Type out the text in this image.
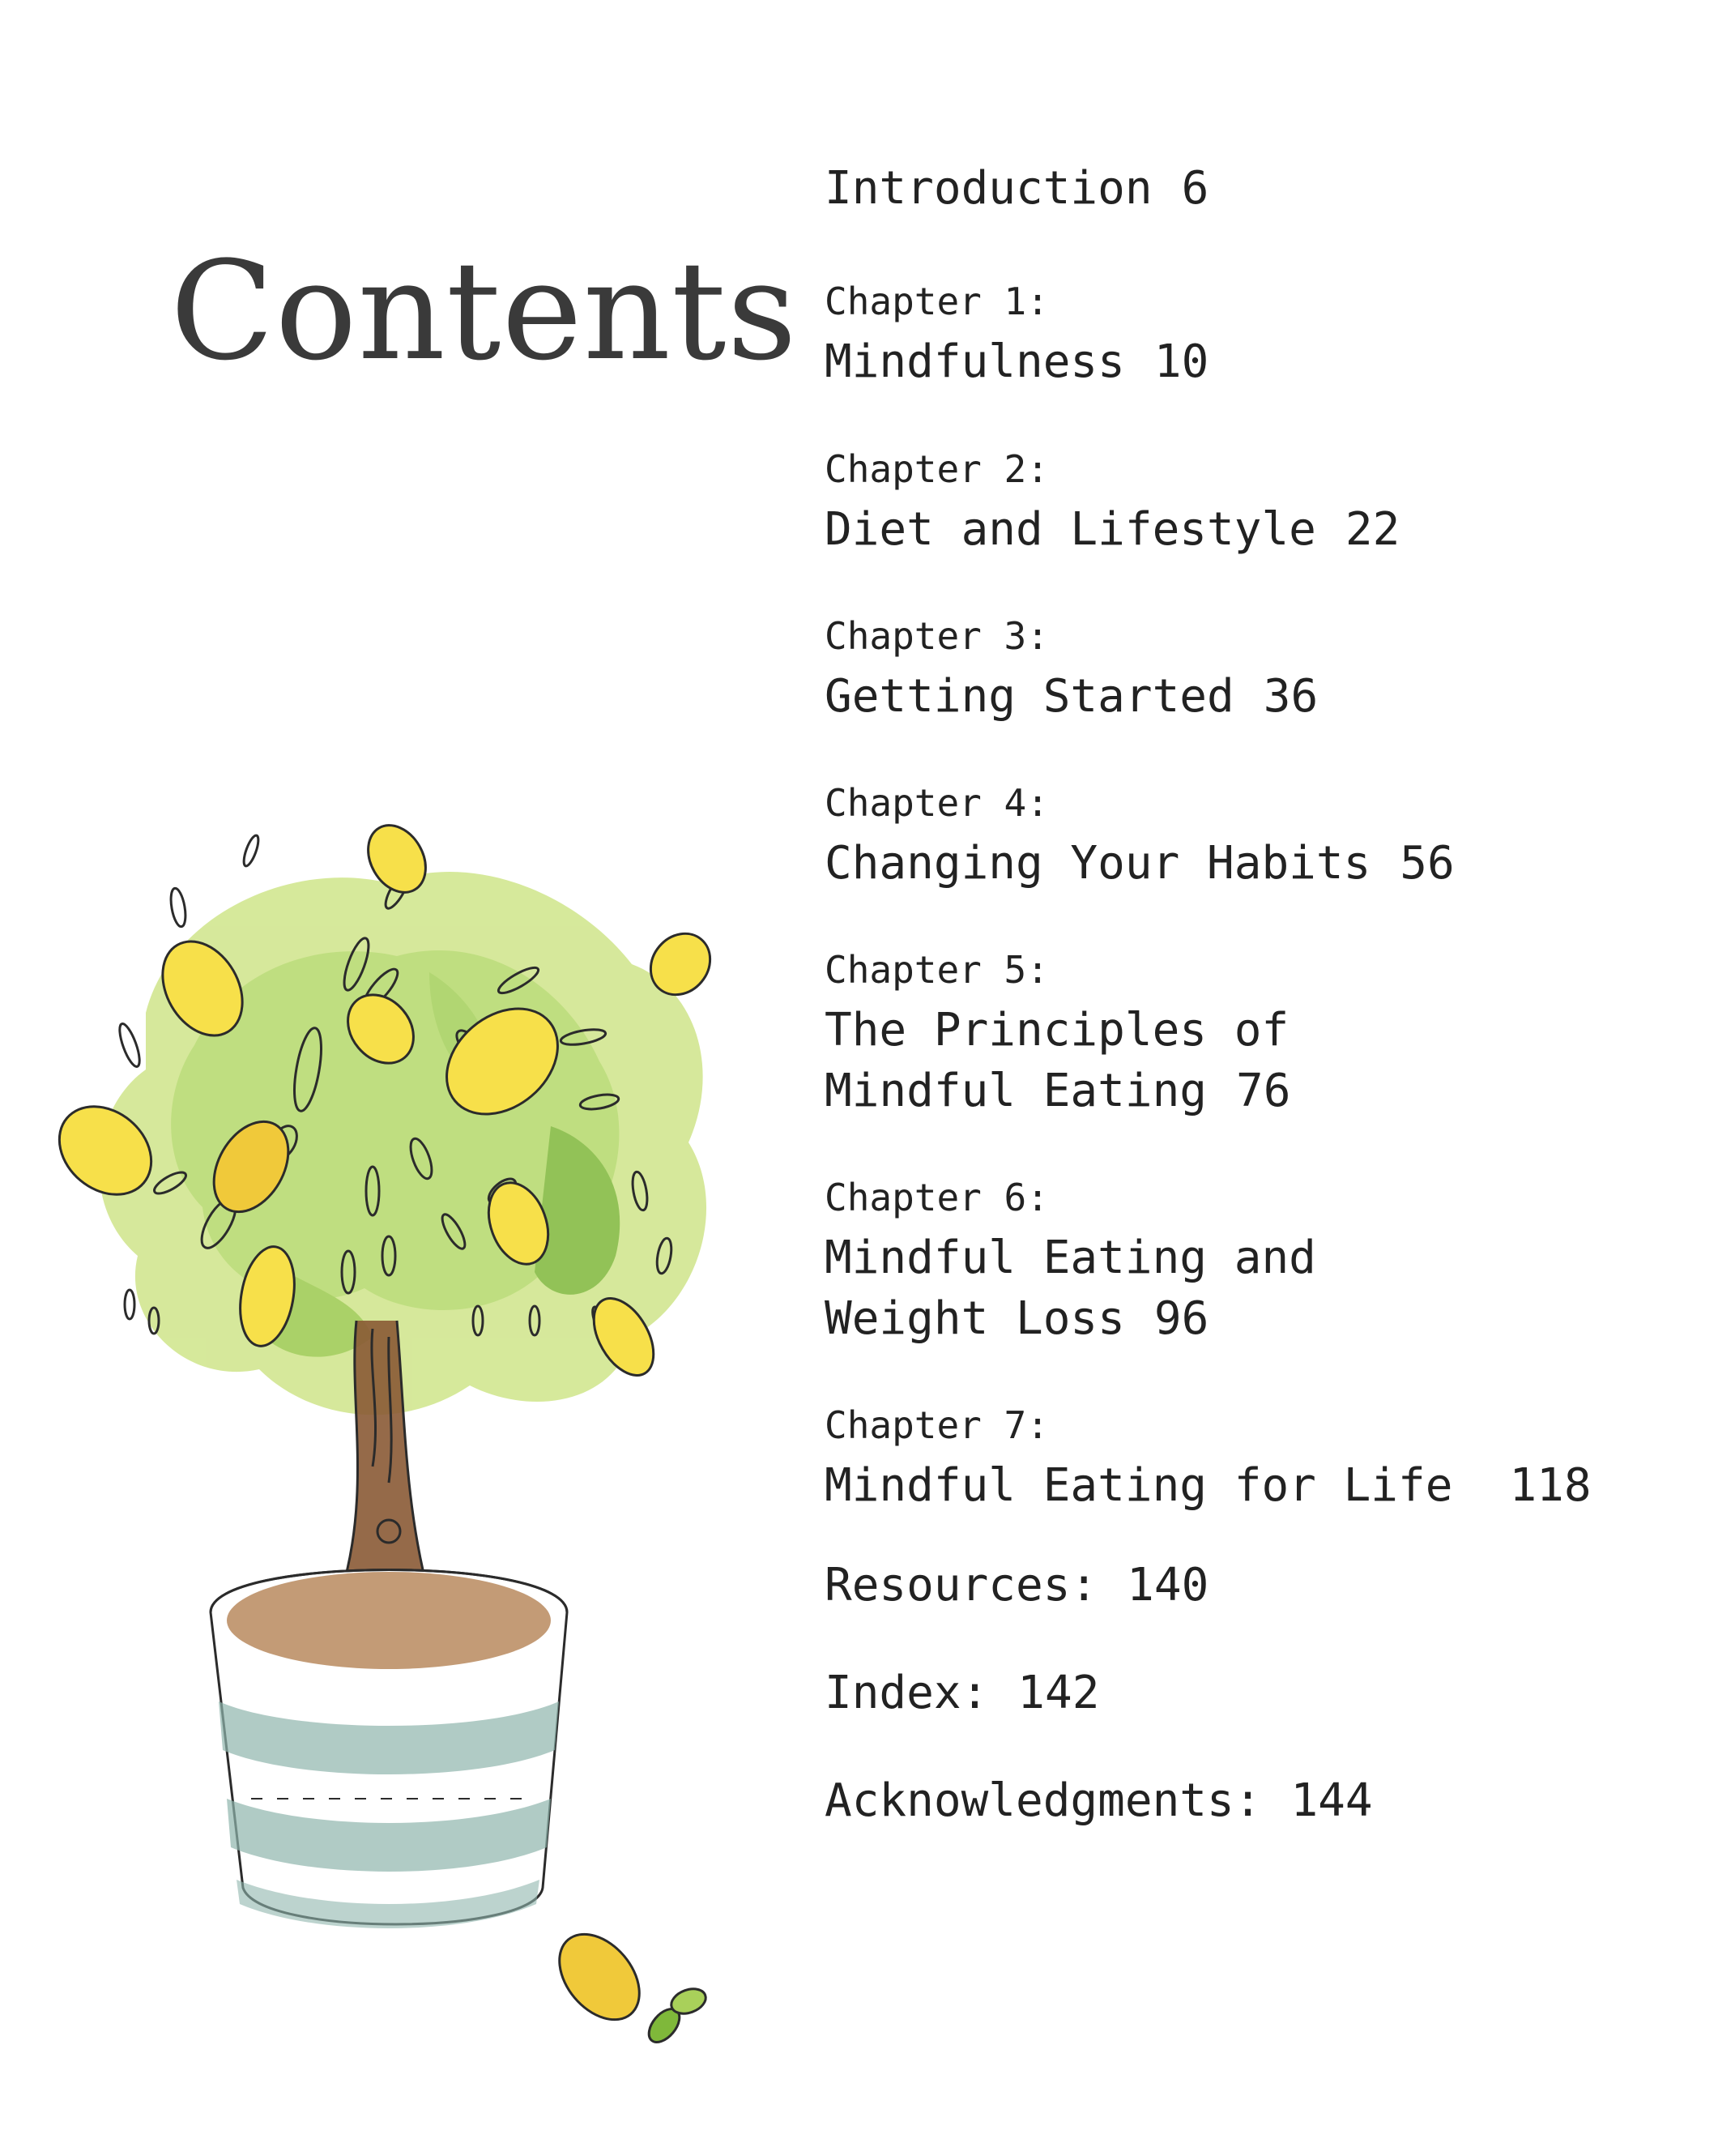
Contents
Introduction 6
Chapter 1:
Mindfulness 10
Chapter 2:
Diet and Lifestyle 22
Chapter 3:
Getting Started 36
Chapter 4:
Changing Your Habits 56
Chapter 5:
The Principles of
Mindful Eating 76
Chapter 6:
Mindful Eating and
Weight Loss 96
Chapter 7:
Mindful Eating for Life 118
Resources: 140
Index: 142
Acknowledgments: 144
